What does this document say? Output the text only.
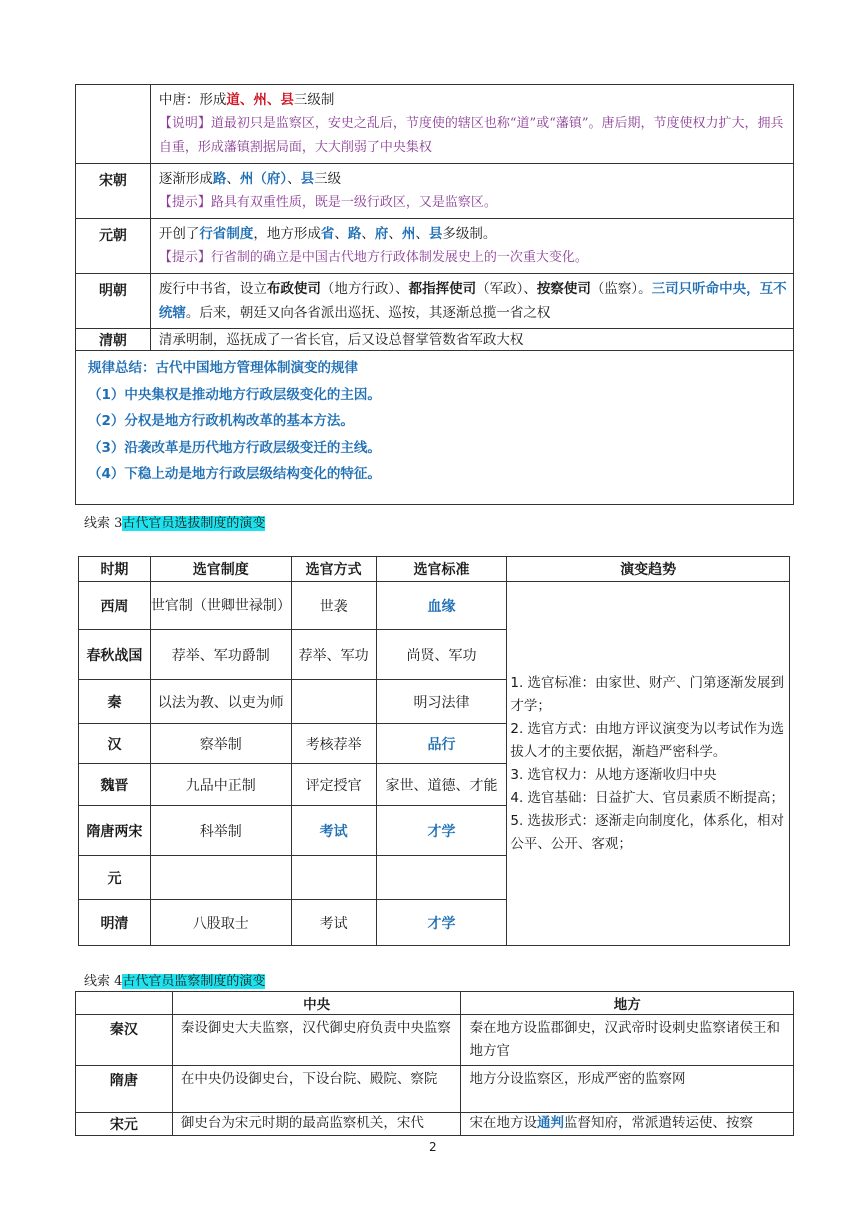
	中唐：形成道、州、县三级制
【说明】道最初只是监察区，安史之乱后，节度使的辖区也称“道”或“藩镇”。唐后期，节度使权力扩大，拥兵自重，形成藩镇割据局面，大大削弱了中央集权

宋朝	逐渐形成路、州（府）、县三级
【提示】路具有双重性质，既是一级行政区，又是监察区。

元朝	开创了行省制度，地方形成省、路、府、州、县多级制。
【提示】行省制的确立是中国古代地方行政体制发展史上的一次重大变化。

明朝	废行中书省，设立布政使司（地方行政）、都指挥使司（军政）、按察使司（监察）。三司只听命中央，互不统辖。后来，朝廷又向各省派出巡抚、巡按，其逐渐总揽一省之权
清朝	清承明制，巡抚成了一省长官，后又设总督掌管数省军政大权

规律总结：古代中国地方管理体制演变的规律
（1）中央集权是推动地方行政层级变化的主因。
（2）分权是地方行政机构改革的基本方法。
（3）沿袭改革是历代地方行政层级变迁的主线。
（4）下稳上动是地方行政层级结构变化的特征。	
线索 3古代官员选拔制度的演变
时期	选官制度	选官方式	选官标准	演变趋势
西周	世官制（世卿世禄制）	世袭	血缘	1. 选官标准：由家世、财产、门第逐渐发展到才学；
2. 选官方式：由地方评议演变为以考试作为选拔人才的主要依据，渐趋严密科学。
3. 选官权力：从地方逐渐收归中央
4. 选官基础：日益扩大、官员素质不断提高；
5. 选拔形式：逐渐走向制度化，体系化，相对公平、公开、客观；

春秋战国	荐举、军功爵制	荐举、军功	尚贤、军功	
秦	以法为教、以吏为师		明习法律	
汉	察举制	考核荐举	品行	
魏晋	九品中正制	评定授官	家世、道德、才能	
隋唐两宋	科举制	考试	才学	
元				
明清	八股取士	考试	才学	
线索 4古代官员监察制度的演变
	中央	地方
秦汉	秦设御史大夫监察，汉代御史府负责中央监察	秦在地方设监郡御史，汉武帝时设刺史监察诸侯王和地方官
隋唐	在中央仍设御史台，下设台院、殿院、察院	地方分设监察区，形成严密的监察网
宋元	御史台为宋元时期的最高监察机关，宋代	宋在地方设通判监督知府，常派遣转运使、按察
2
